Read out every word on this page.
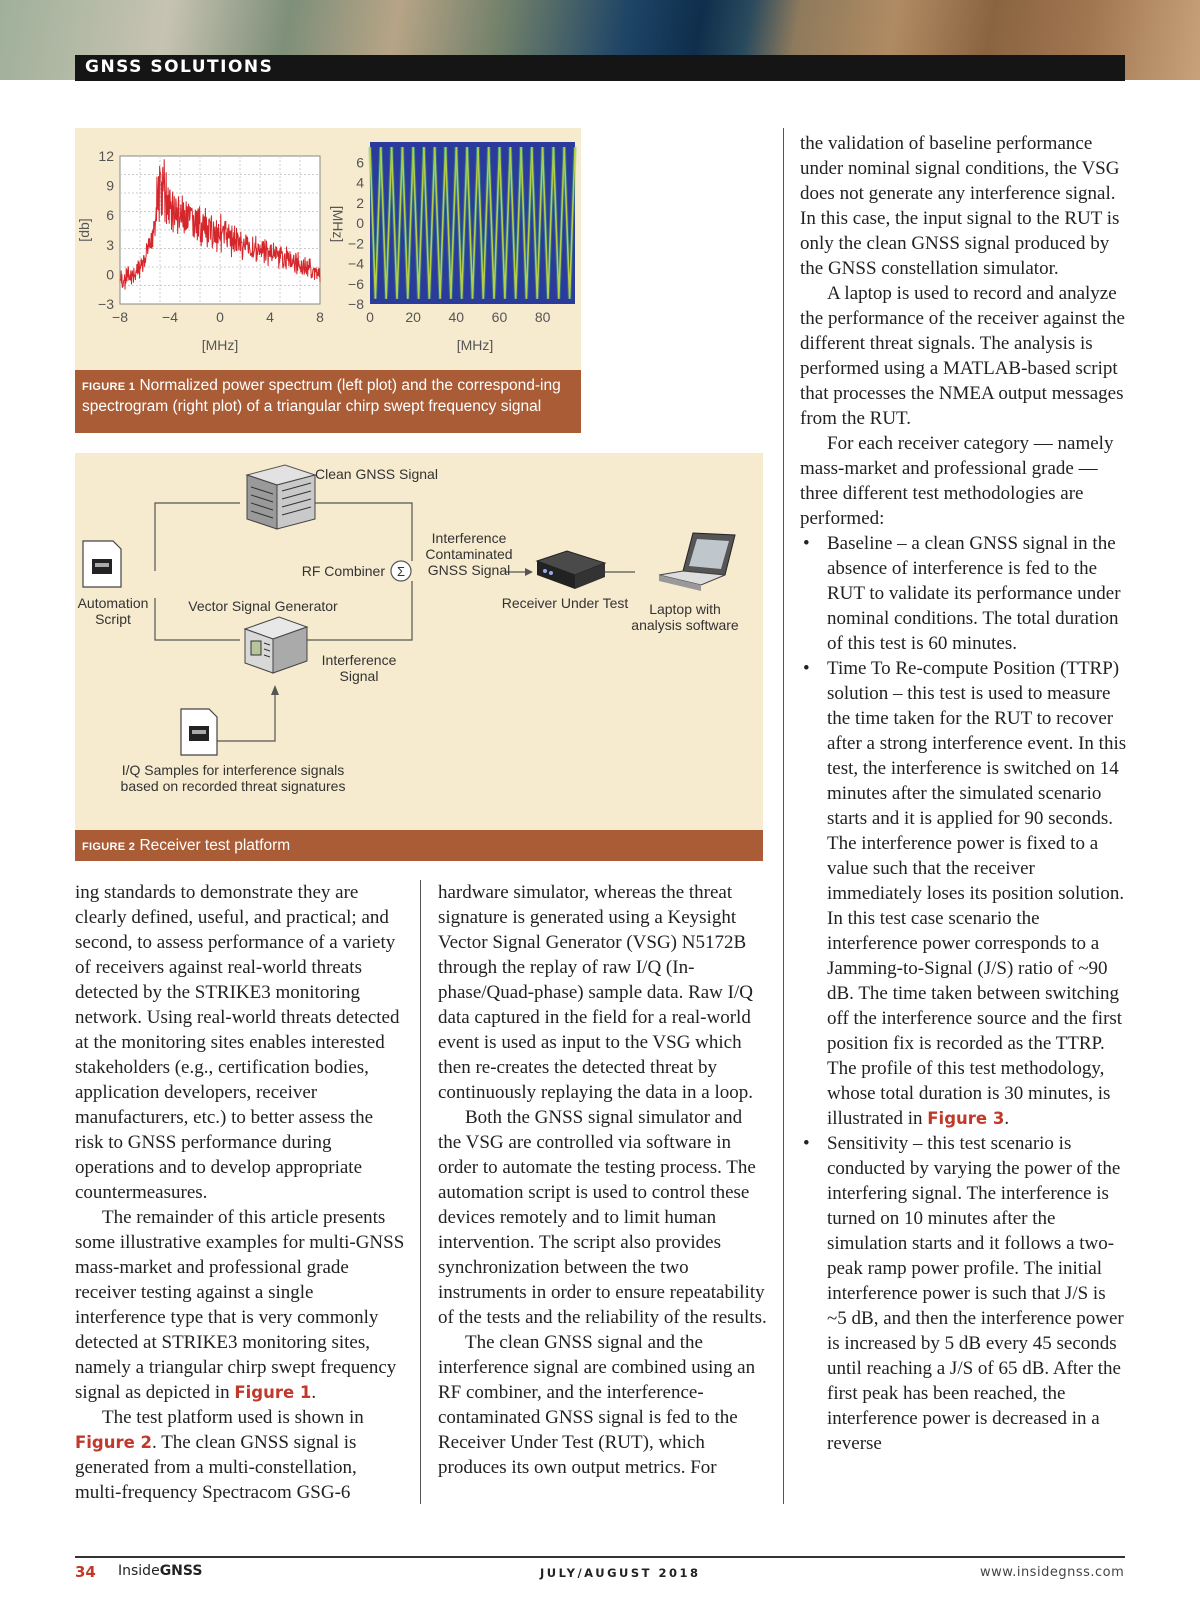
GNSS SOLUTIONS
12
9
6
3
0
−3
−8 −4	0	4	8
[db]
[MHz]
6
4
2
0
−2
−4
−6
−8
0 20 40 60 80
[MHz]
[MHz]
FIGURE 1 Normalized power spectrum (left plot) and the correspond-ing spectrogram (right plot) of a triangular chirp swept frequency signal
Clean GNSS Signal
Automation
Script
Σ
RF Combiner
Interference
Contaminated
GNSS Signal
Receiver Under Test Laptop with
analysis software
Vector Signal Generator
Interference
Signal
I/Q Samples for interference signals
based on recorded threat signatures
FIGURE 2 Receiver test platform

ing standards to demonstrate they are clearly defined, useful, and practical; and second, to assess performance of a variety of receivers against real-world threats detected by the STRIKE3 monitoring network. Using real-world threats detected at the monitoring sites enables interested stakeholders (e.g., certification bodies, application developers, receiver manufacturers, etc.) to better assess the risk to GNSS performance during operations and to develop appropriate countermeasures.

The remainder of this article presents some illustrative examples for multi-GNSS mass-market and professional grade receiver testing against a single interference type that is very commonly detected at STRIKE3 monitoring sites, namely a triangular chirp swept frequency signal as depicted in Figure 1.

The test platform used is shown in Figure 2. The clean GNSS signal is generated from a multi-constellation, multi-frequency Spectracom GSG-6

hardware simulator, whereas the threat signature is generated using a Keysight Vector Signal Generator (VSG) N5172B through the replay of raw I/Q (In-phase/Quad-phase) sample data. Raw I/Q data captured in the field for a real-world event is used as input to the VSG which then re-creates the detected threat by continuously replaying the data in a loop.

Both the GNSS signal simulator and the VSG are controlled via software in order to automate the testing process. The automation script is used to control these devices remotely and to limit human intervention. The script also provides synchronization between the two instruments in order to ensure repeatability of the tests and the reliability of the results.

The clean GNSS signal and the interference signal are combined using an RF combiner, and the interference-contaminated GNSS signal is fed to the Receiver Under Test (RUT), which produces its own output metrics. For

the validation of baseline performance under nominal signal conditions, the VSG does not generate any interference signal. In this case, the input signal to the RUT is only the clean GNSS signal produced by the GNSS constellation simulator.

A laptop is used to record and analyze the performance of the receiver against the different threat signals. The analysis is performed using a MATLAB-based script that processes the NMEA output messages from the RUT.

For each receiver category — namely mass-market and professional grade — three different test methodologies are performed:

• Baseline – a clean GNSS signal in the absence of interference is fed to the RUT to validate its performance under nominal conditions. The total duration of this test is 60 minutes.
• Time To Re-compute Position (TTRP) solution – this test is used to measure the time taken for the RUT to recover after a strong interference event. In this test, the interference is switched on 14 minutes after the simulated scenario starts and it is applied for 90 seconds. The interference power is fixed to a value such that the receiver immediately loses its position solution. In this test case scenario the interference power corresponds to a Jamming-to-Signal (J/S) ratio of ~90 dB. The time taken between switching off the interference source and the first position fix is recorded as the TTRP. The profile of this test methodology, whose total duration is 30 minutes, is illustrated in Figure 3.
• Sensitivity – this test scenario is conducted by varying the power of the interfering signal. The interference is turned on 10 minutes after the simulation starts and it follows a two-peak ramp power profile. The initial interference power is such that J/S is ~5 dB, and then the interference power is increased by 5 dB every 45 seconds until reaching a J/S of 65 dB. After the first peak has been reached, the interference power is decreased in a reverse
34 InsideGNSS	JULY/AUGUST 2018	www.insidegnss.com
